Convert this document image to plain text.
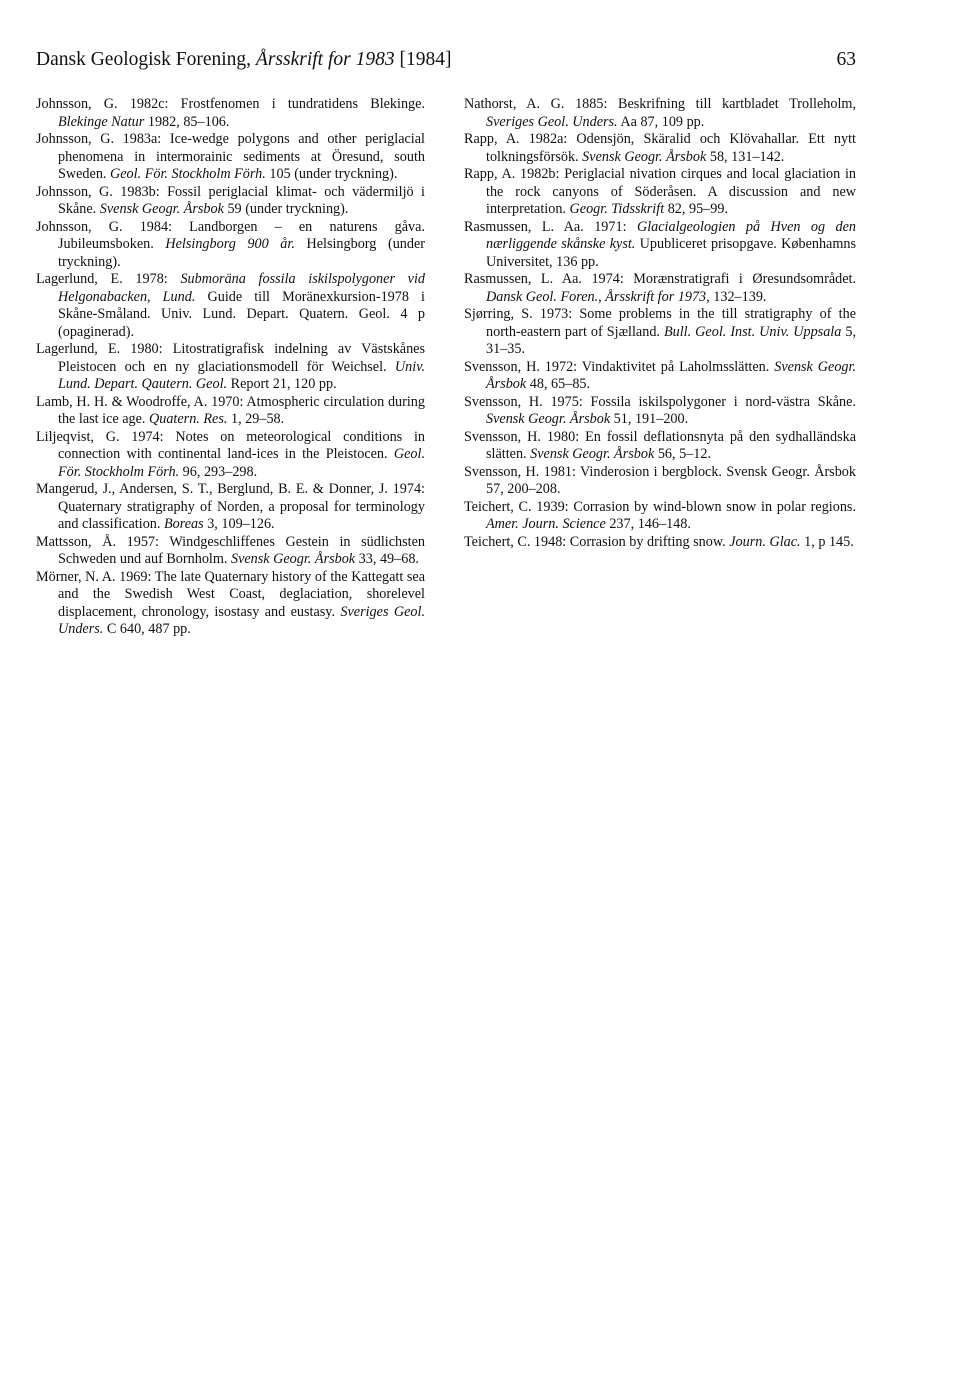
Dansk Geologisk Forening, Årsskrift for 1983 [1984]	63

Johnsson, G. 1982c: Frostfenomen i tundratidens Blekinge. Blekinge Natur 1982, 85–106.

Johnsson, G. 1983a: Ice-wedge polygons and other periglacial phenomena in intermorainic sediments at Öresund, south Sweden. Geol. För. Stockholm Förh. 105 (under tryckning).

Johnsson, G. 1983b: Fossil periglacial klimat- och vädermiljö i Skåne. Svensk Geogr. Årsbok 59 (under tryckning).

Johnsson, G. 1984: Landborgen – en naturens gåva. Jubileumsboken. Helsingborg 900 år. Helsingborg (under tryckning).

Lagerlund, E. 1978: Submoräna fossila iskilspolygoner vid Helgonabacken, Lund. Guide till Moränexkursion-1978 i Skåne-Småland. Univ. Lund. Depart. Quatern. Geol. 4 p (opaginerad).

Lagerlund, E. 1980: Litostratigrafisk indelning av Västskånes Pleistocen och en ny glaciationsmodell för Weichsel. Univ. Lund. Depart. Qautern. Geol. Report 21, 120 pp.

Lamb, H. H. & Woodroffe, A. 1970: Atmospheric circulation during the last ice age. Quatern. Res. 1, 29–58.

Liljeqvist, G. 1974: Notes on meteorological conditions in connection with continental land-ices in the Pleistocen. Geol. För. Stockholm Förh. 96, 293–298.

Mangerud, J., Andersen, S. T., Berglund, B. E. & Donner, J. 1974: Quaternary stratigraphy of Norden, a proposal for terminology and classification. Boreas 3, 109–126.

Mattsson, Å. 1957: Windgeschliffenes Gestein in südlichsten Schweden und auf Bornholm. Svensk Geogr. Årsbok 33, 49–68.

Mörner, N. A. 1969: The late Quaternary history of the Kattegatt sea and the Swedish West Coast, deglaciation, shorelevel displacement, chronology, isostasy and eustasy. Sveriges Geol. Unders. C 640, 487 pp.

Nathorst, A. G. 1885: Beskrifning till kartbladet Trolleholm, Sveriges Geol. Unders. Aa 87, 109 pp.

Rapp, A. 1982a: Odensjön, Skäralid och Klövahallar. Ett nytt tolkningsförsök. Svensk Geogr. Årsbok 58, 131–142.

Rapp, A. 1982b: Periglacial nivation cirques and local glaciation in the rock canyons of Söderåsen. A discussion and new interpretation. Geogr. Tidsskrift 82, 95–99.

Rasmussen, L. Aa. 1971: Glacialgeologien på Hven og den nærliggende skånske kyst. Upubliceret prisopgave. Københamns Universitet, 136 pp.

Rasmussen, L. Aa. 1974: Morænstratigrafi i Øresundsområdet. Dansk Geol. Foren., Årsskrift for 1973, 132–139.

Sjørring, S. 1973: Some problems in the till stratigraphy of the north-eastern part of Sjælland. Bull. Geol. Inst. Univ. Uppsala 5, 31–35.

Svensson, H. 1972: Vindaktivitet på Laholmsslätten. Svensk Geogr. Årsbok 48, 65–85.

Svensson, H. 1975: Fossila iskilspolygoner i nord-västra Skåne. Svensk Geogr. Årsbok 51, 191–200.

Svensson, H. 1980: En fossil deflationsnyta på den sydhalländska slätten. Svensk Geogr. Årsbok 56, 5–12.

Svensson, H. 1981: Vinderosion i bergblock. Svensk Geogr. Årsbok 57, 200–208.

Teichert, C. 1939: Corrasion by wind-blown snow in polar regions. Amer. Journ. Science 237, 146–148.

Teichert, C. 1948: Corrasion by drifting snow. Journ. Glac. 1, p 145.
